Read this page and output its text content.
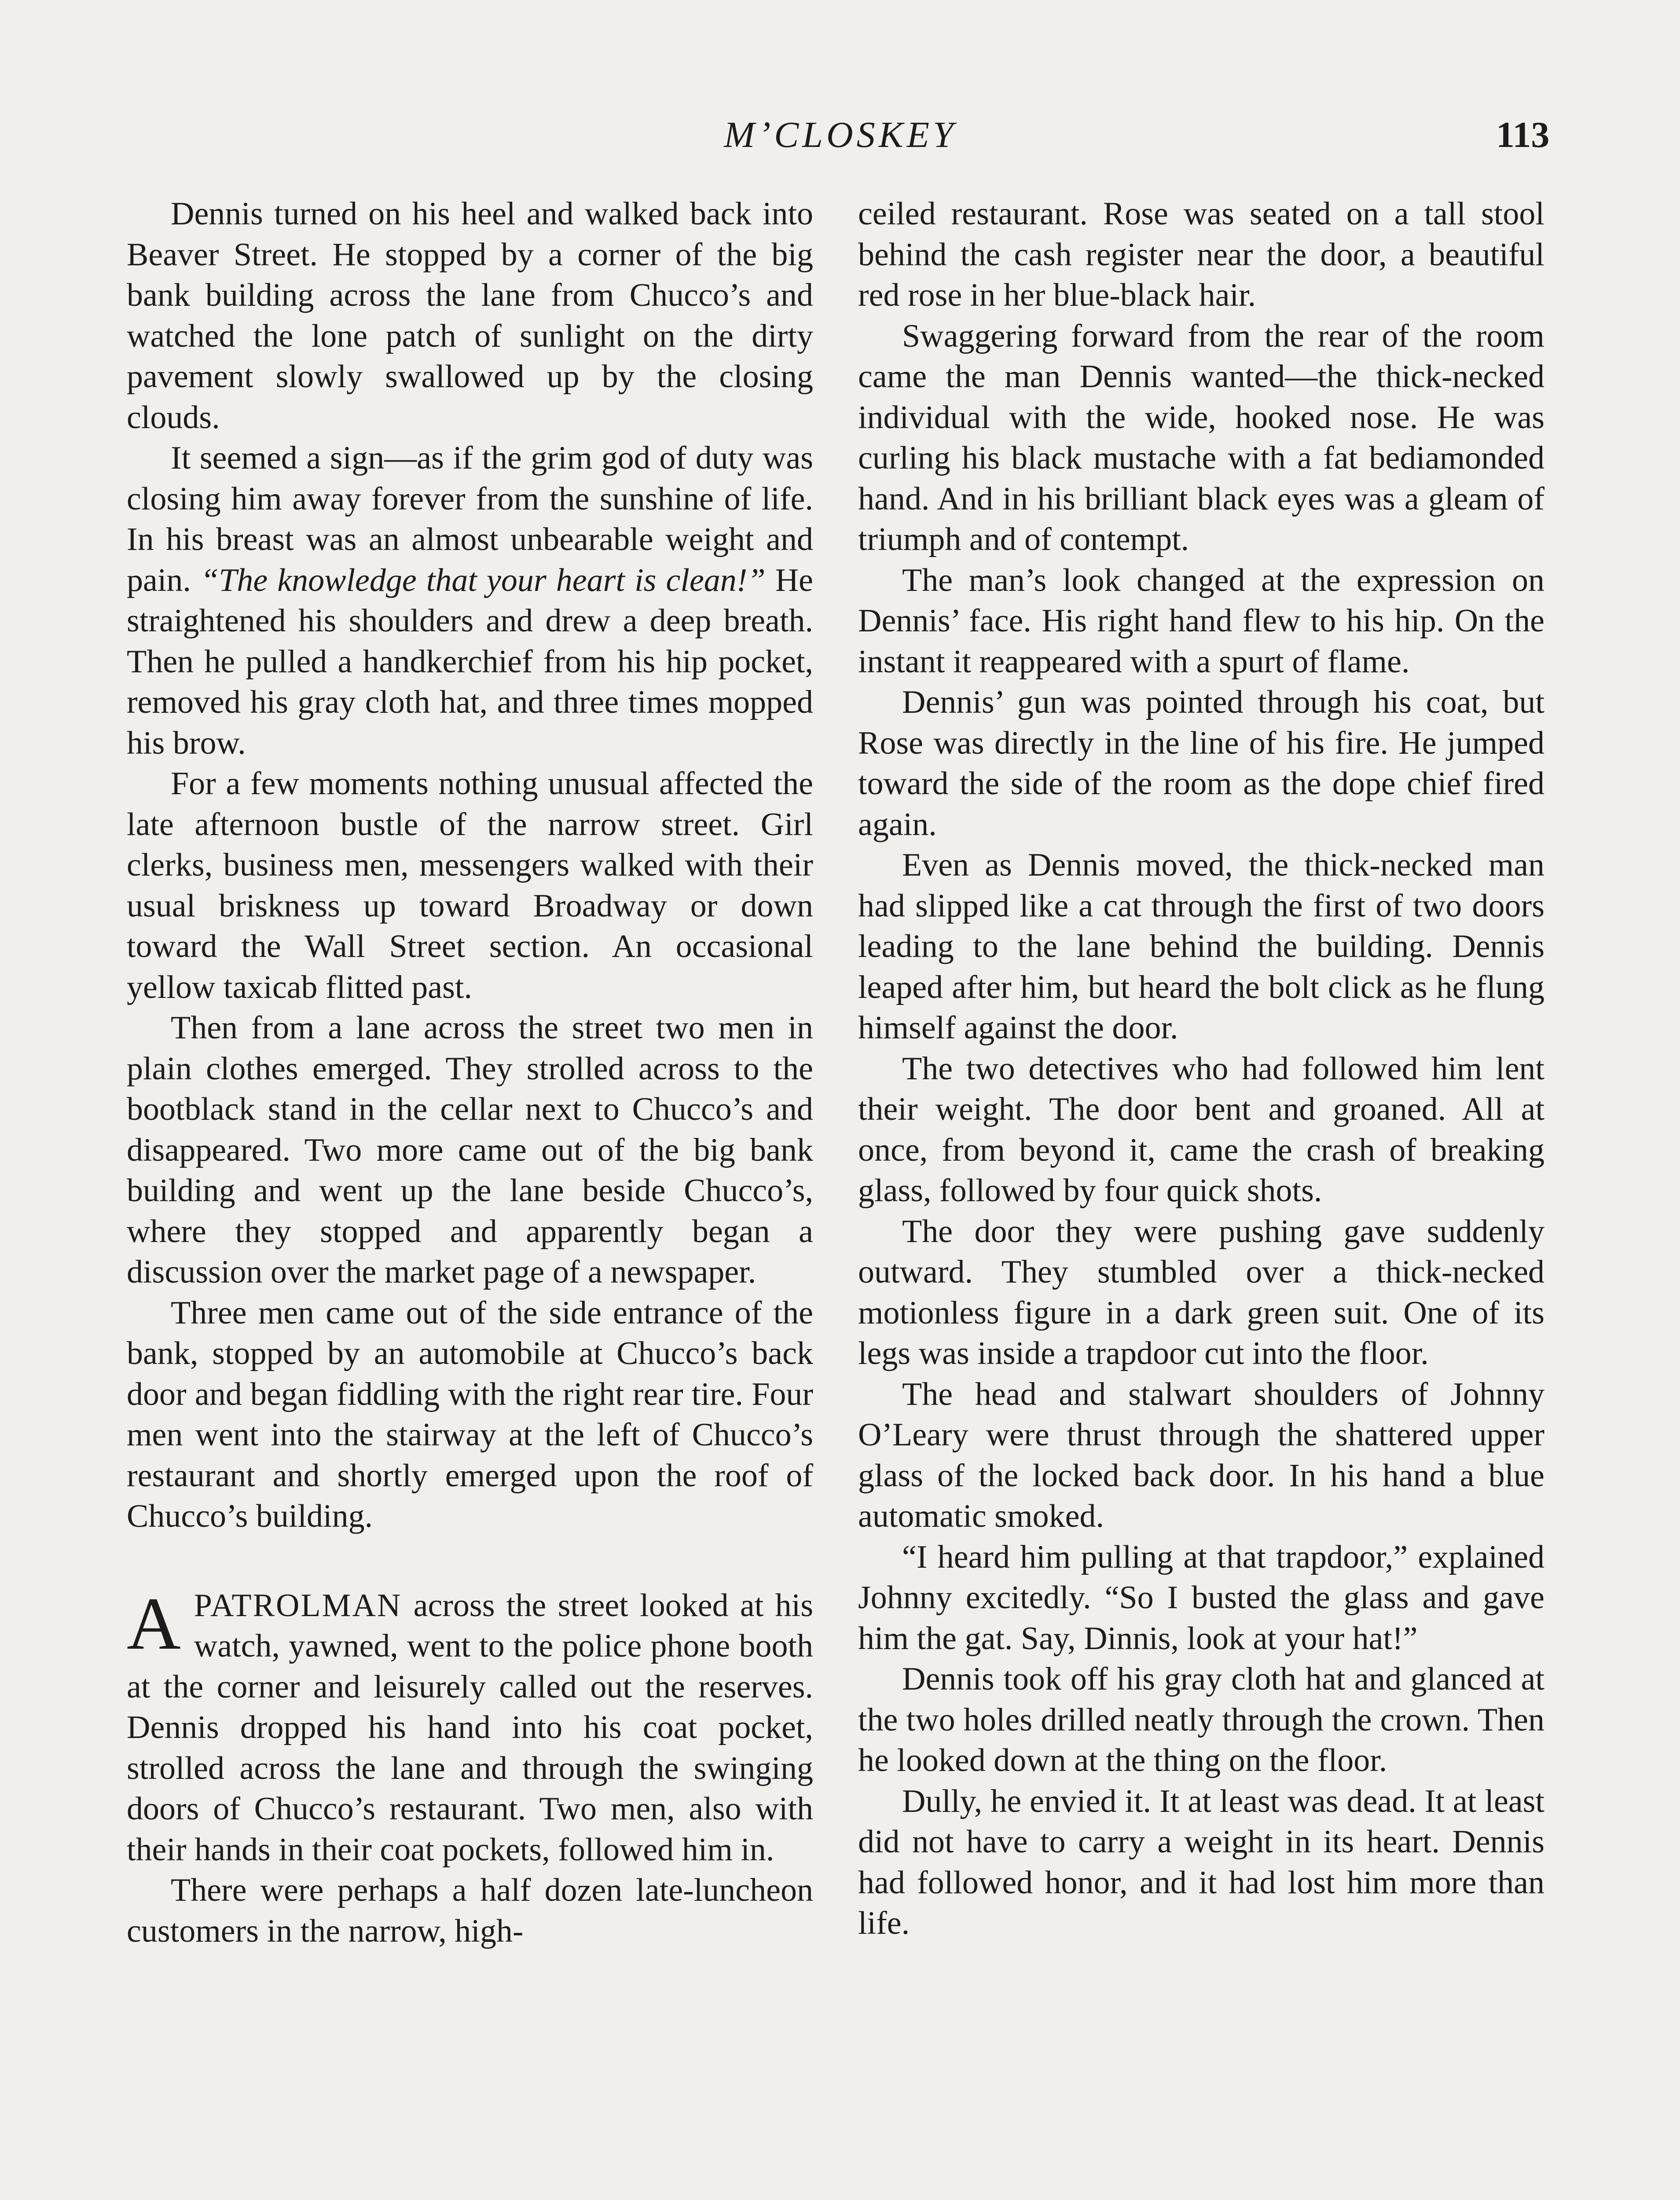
M’CLOSKEY	113

Dennis turned on his heel and walked back into Beaver Street. He stopped by a corner of the big bank building across the lane from Chucco’s and watched the lone patch of sunlight on the dirty pavement slowly swallowed up by the closing clouds.

It seemed a sign—as if the grim god of duty was closing him away forever from the sunshine of life. In his breast was an almost unbearable weight and pain. “The knowledge that your heart is clean!” He straightened his shoulders and drew a deep breath. Then he pulled a handkerchief from his hip pocket, removed his gray cloth hat, and three times mopped his brow.

For a few moments nothing unusual affected the late afternoon bustle of the narrow street. Girl clerks, business men, messengers walked with their usual briskness up toward Broadway or down toward the Wall Street section. An occasional yellow taxicab flitted past.

Then from a lane across the street two men in plain clothes emerged. They strolled across to the bootblack stand in the cellar next to Chucco’s and disappeared. Two more came out of the big bank building and went up the lane beside Chucco’s, where they stopped and apparently began a discussion over the market page of a newspaper.

Three men came out of the side entrance of the bank, stopped by an automobile at Chucco’s back door and began fiddling with the right rear tire. Four men went into the stairway at the left of Chucco’s restaurant and shortly emerged upon the roof of Chucco’s building.

APATROLMAN across the street looked at his watch, yawned, went to the police phone booth at the corner and leisurely called out the reserves. Dennis dropped his hand into his coat pocket, strolled across the lane and through the swinging doors of Chucco’s restaurant. Two men, also with their hands in their coat pockets, followed him in.

There were perhaps a half dozen late-luncheon customers in the narrow, high-

ceiled restaurant. Rose was seated on a tall stool behind the cash register near the door, a beautiful red rose in her blue-black hair.

Swaggering forward from the rear of the room came the man Dennis wanted—the thick-necked individual with the wide, hooked nose. He was curling his black mustache with a fat bediamonded hand. And in his brilliant black eyes was a gleam of triumph and of contempt.

The man’s look changed at the expression on Dennis’ face. His right hand flew to his hip. On the instant it reappeared with a spurt of flame.

Dennis’ gun was pointed through his coat, but Rose was directly in the line of his fire. He jumped toward the side of the room as the dope chief fired again.

Even as Dennis moved, the thick-necked man had slipped like a cat through the first of two doors leading to the lane behind the building. Dennis leaped after him, but heard the bolt click as he flung himself against the door.

The two detectives who had followed him lent their weight. The door bent and groaned. All at once, from beyond it, came the crash of breaking glass, followed by four quick shots.

The door they were pushing gave suddenly outward. They stumbled over a thick-necked motionless figure in a dark green suit. One of its legs was inside a trapdoor cut into the floor.

The head and stalwart shoulders of Johnny O’Leary were thrust through the shattered upper glass of the locked back door. In his hand a blue automatic smoked.

“I heard him pulling at that trapdoor,” explained Johnny excitedly. “So I busted the glass and gave him the gat. Say, Dinnis, look at your hat!”

Dennis took off his gray cloth hat and glanced at the two holes drilled neatly through the crown. Then he looked down at the thing on the floor.

Dully, he envied it. It at least was dead. It at least did not have to carry a weight in its heart. Dennis had followed honor, and it had lost him more than life.
